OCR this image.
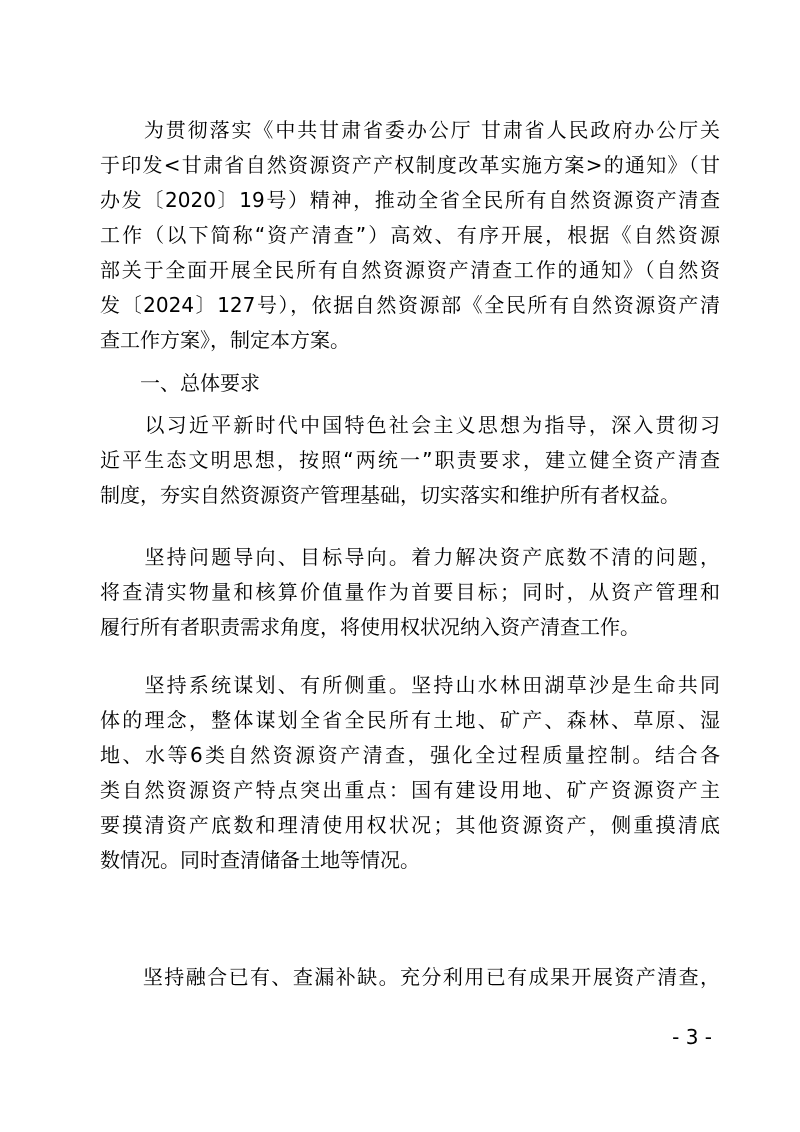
　　为贯彻落实《中共甘肃省委办公厅 甘肃省人民政府办公厅关
于印发<甘肃省自然资源资产产权制度改革实施方案>的通知》（甘
办发〔2020〕19号）精神，推动全省全民所有自然资源资产清查
工作（以下简称“资产清查”）高效、有序开展，根据《自然资源
部关于全面开展全民所有自然资源资产清查工作的通知》（自然资
发〔2024〕127号），依据自然资源部《全民所有自然资源资产清
查工作方案》，制定本方案。
　　一、总体要求
　　以习近平新时代中国特色社会主义思想为指导，深入贯彻习
近平生态文明思想，按照“两统一”职责要求，建立健全资产清查
制度，夯实自然资源资产管理基础，切实落实和维护所有者权益。
　　坚持问题导向、目标导向。着力解决资产底数不清的问题，
将查清实物量和核算价值量作为首要目标；同时，从资产管理和
履行所有者职责需求角度，将使用权状况纳入资产清查工作。
　　坚持系统谋划、有所侧重。坚持山水林田湖草沙是生命共同
体的理念，整体谋划全省全民所有土地、矿产、森林、草原、湿
地、水等6类自然资源资产清查，强化全过程质量控制。结合各
类自然资源资产特点突出重点：国有建设用地、矿产资源资产主
要摸清资产底数和理清使用权状况；其他资源资产，侧重摸清底
数情况。同时查清储备土地等情况。
　　坚持融合已有、查漏补缺。充分利用已有成果开展资产清查，
- 3 -
